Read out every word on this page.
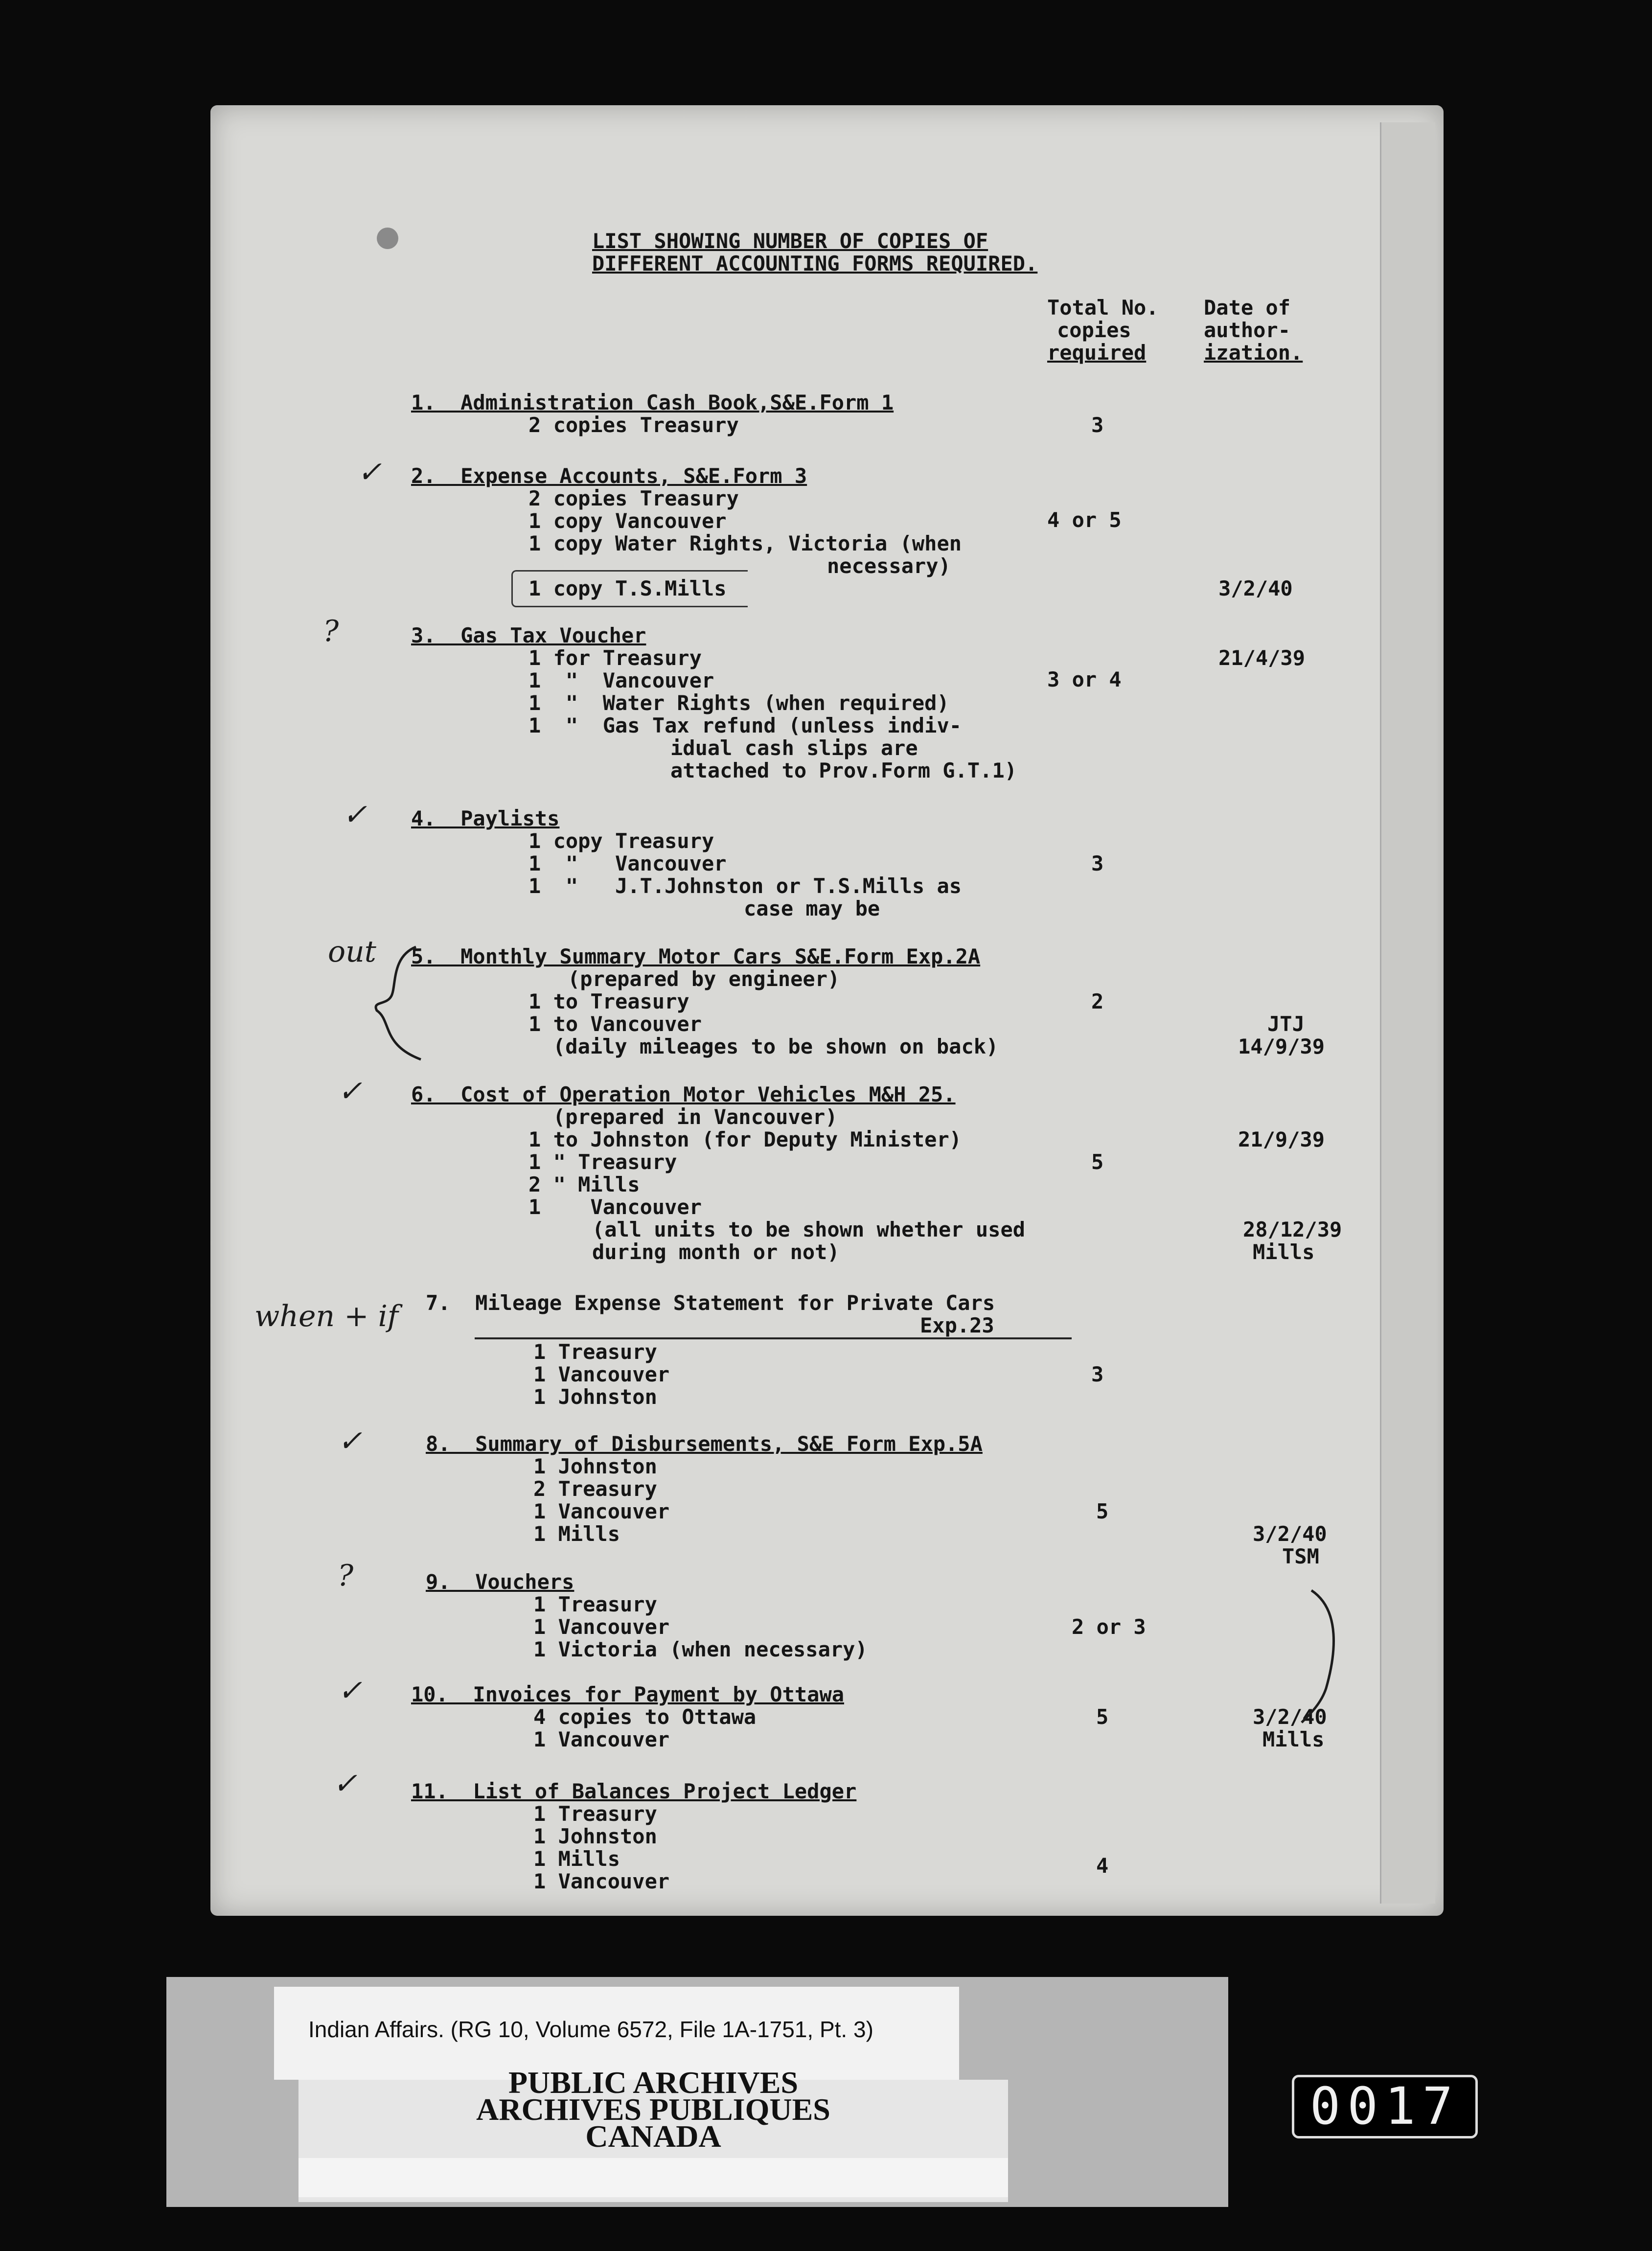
LIST SHOWING NUMBER OF COPIES OF
DIFFERENT ACCOUNTING FORMS REQUIRED.
Total No.
copies
required
Date of
author-
ization.
1.  Administration Cash Book,S&E.Form 1
2 copies Treasury	3
2.  Expense Accounts, S&E.Form 3
2 copies Treasury
1 copy Vancouver
1 copy Water Rights, Victoria (when
necessary)
1 copy T.S.Mills
4 or 5
3/2/40
3.  Gas Tax Voucher
1 for Treasury
1  "  Vancouver
1  "  Water Rights (when required)
1  "  Gas Tax refund (unless indiv-
idual cash slips are
attached to Prov.Form G.T.1)
3 or 4
21/4/39
4.  Paylists
1 copy Treasury
1  "   Vancouver
1  "   J.T.Johnston or T.S.Mills as
case may be
3
5.  Monthly Summary Motor Cars S&E.Form Exp.2A
(prepared by engineer)
1 to Treasury
1 to Vancouver
(daily mileages to be shown on back)
2
JTJ
14/9/39
6.  Cost of Operation Motor Vehicles M&H 25.
(prepared in Vancouver)
1 to Johnston (for Deputy Minister)
1 " Treasury
2 " Mills
1    Vancouver
(all units to be shown whether used
during month or not)
5
21/9/39
28/12/39
Mills
7.  Mileage Expense Statement for Private Cars
Exp.23
1 Treasury
1 Vancouver
1 Johnston
3
8.  Summary of Disbursements, S&E Form Exp.5A
1 Johnston
2 Treasury
1 Vancouver
1 Mills
5
3/2/40
TSM
9.  Vouchers
1 Treasury
1 Vancouver
1 Victoria (when necessary)
2 or 3
10.  Invoices for Payment by Ottawa
4 copies to Ottawa
1 Vancouver
5	3/2/40
Mills
11.  List of Balances Project Ledger
1 Treasury
1 Johnston
1 Mills
1 Vancouver
4
✓
?
✓
out
✓
when + if
✓
?
✓
✓
Indian Affairs. (RG 10, Volume 6572, File 1A-1751, Pt. 3)
PUBLIC ARCHIVES
ARCHIVES PUBLIQUES
CANADA
0017
